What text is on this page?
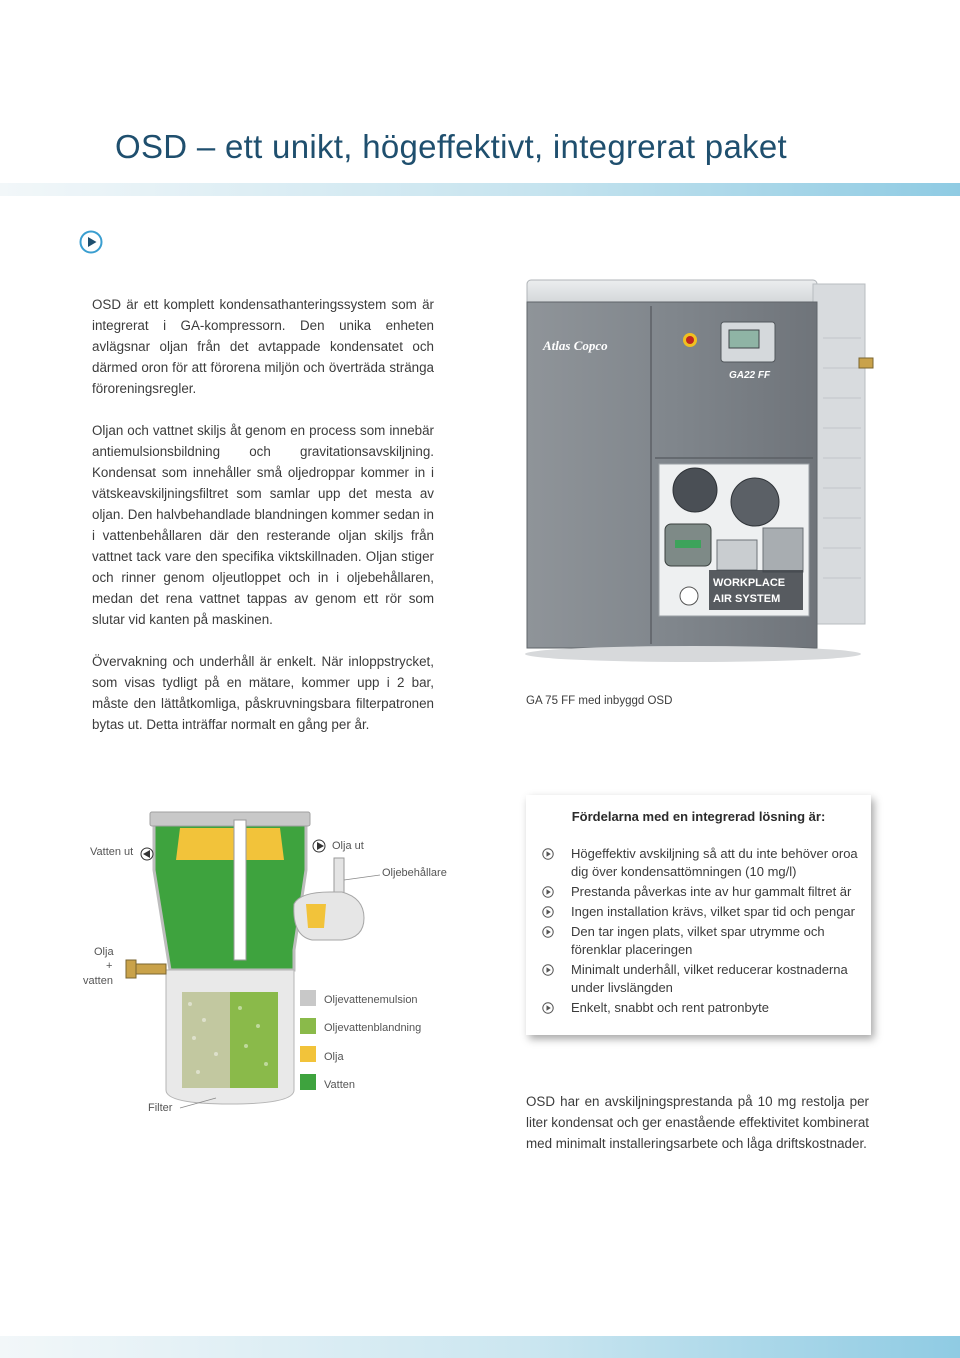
OSD – ett unikt, högeffektivt, integrerat paket

OSD är ett komplett kondensathanteringssystem som är integrerat i GA-kompressorn. Den unika enheten avlägsnar oljan från det avtappade kondensatet och därmed oron för att förorena miljön och överträda stränga föroreningsregler.

Oljan och vattnet skiljs åt genom en process som innebär antiemulsionsbildning och gravitationsavskiljning. Kondensat som innehåller små oljedroppar kommer in i vätskeavskiljningsfiltret som samlar upp det mesta av oljan. Den halvbehandlade blandningen kommer sedan in i vattenbehållaren där den resterande oljan skiljs från vattnet tack vare den specifika viktskillnaden. Oljan stiger och rinner genom oljeutloppet och in i oljebehållaren, medan det rena vattnet tappas av genom ett rör som slutar vid kanten på maskinen.

Övervakning och underhåll är enkelt. När inloppstrycket, som visas tydligt på en mätare, kommer upp i 2 bar, måste den lättåtkomliga, påskruvningsbara filterpatronen bytas ut. Detta inträffar normalt en gång per år.

Atlas Copco
GA22 FF
WORKPLACE
AIR SYSTEM
GA 75 FF med inbyggd OSD
Vatten ut	Olja ut
Oljebehållare
Olja
+
vatten
Filter
Oljevattenemulsion
Oljevattenblandning
Olja
Vatten

Fördelarna med en integrerad lösning är:

Högeffektiv avskiljning så att du inte behöver oroa dig över kondensattömningen (10 mg/l)
Prestanda påverkas inte av hur gammalt filtret är
Ingen installation krävs, vilket spar tid och pengar
Den tar ingen plats, vilket spar utrymme och förenklar placeringen
Minimalt underhåll, vilket reducerar kostnaderna under livslängden
Enkelt, snabbt och rent patronbyte

OSD har en avskiljningsprestanda på 10 mg restolja per liter kondensat och ger enastående effektivitet kombinerat med minimalt installeringsarbete och låga driftskostnader.
